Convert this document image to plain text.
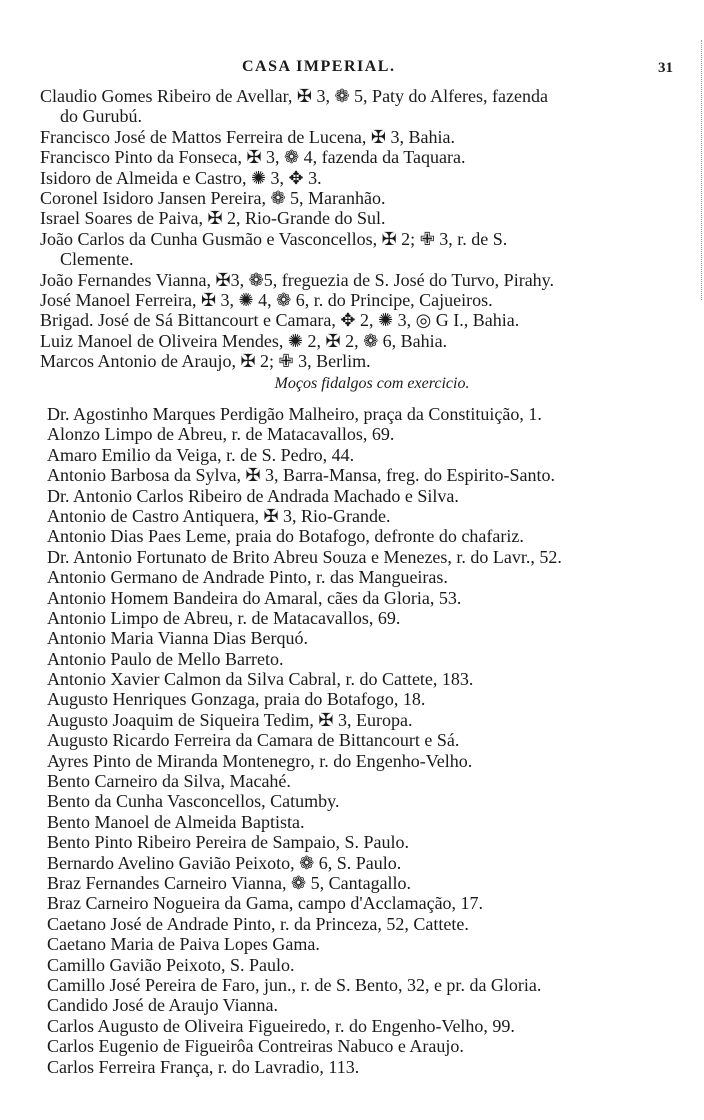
CASA IMPERIAL.	31
Claudio Gomes Ribeiro de Avellar, ✠ 3, ❁ 5, Paty do Alferes, fazenda
do Gurubú.
Francisco José de Mattos Ferreira de Lucena, ✠ 3, Bahia.
Francisco Pinto da Fonseca, ✠ 3, ❁ 4, fazenda da Taquara.
Isidoro de Almeida e Castro, ✺ 3, ✥ 3.
Coronel Isidoro Jansen Pereira, ❁ 5, Maranhão.
Israel Soares de Paiva, ✠ 2, Rio-Grande do Sul.
João Carlos da Cunha Gusmão e Vasconcellos, ✠ 2; ✙ 3, r. de S.
Clemente.
João Fernandes Vianna, ✠3, ❁5, freguezia de S. José do Turvo, Pirahy.
José Manoel Ferreira, ✠ 3, ✺ 4, ❁ 6, r. do Principe, Cajueiros.
Brigad. José de Sá Bittancourt e Camara, ✥ 2, ✺ 3, ◎ G I., Bahia.
Luiz Manoel de Oliveira Mendes, ✺ 2, ✠ 2, ❁ 6, Bahia.
Marcos Antonio de Araujo, ✠ 2; ✙ 3, Berlim.
Moços fidalgos com exercicio.
Dr. Agostinho Marques Perdigão Malheiro, praça da Constituição, 1.
Alonzo Limpo de Abreu, r. de Matacavallos, 69.
Amaro Emilio da Veiga, r. de S. Pedro, 44.
Antonio Barbosa da Sylva, ✠ 3, Barra-Mansa, freg. do Espirito-Santo.
Dr. Antonio Carlos Ribeiro de Andrada Machado e Silva.
Antonio de Castro Antiquera, ✠ 3, Rio-Grande.
Antonio Dias Paes Leme, praia do Botafogo, defronte do chafariz.
Dr. Antonio Fortunato de Brito Abreu Souza e Menezes, r. do Lavr., 52.
Antonio Germano de Andrade Pinto, r. das Mangueiras.
Antonio Homem Bandeira do Amaral, cães da Gloria, 53.
Antonio Limpo de Abreu, r. de Matacavallos, 69.
Antonio Maria Vianna Dias Berquó.
Antonio Paulo de Mello Barreto.
Antonio Xavier Calmon da Silva Cabral, r. do Cattete, 183.
Augusto Henriques Gonzaga, praia do Botafogo, 18.
Augusto Joaquim de Siqueira Tedim, ✠ 3, Europa.
Augusto Ricardo Ferreira da Camara de Bittancourt e Sá.
Ayres Pinto de Miranda Montenegro, r. do Engenho-Velho.
Bento Carneiro da Silva, Macahé.
Bento da Cunha Vasconcellos, Catumby.
Bento Manoel de Almeida Baptista.
Bento Pinto Ribeiro Pereira de Sampaio, S. Paulo.
Bernardo Avelino Gavião Peixoto, ❁ 6, S. Paulo.
Braz Fernandes Carneiro Vianna, ❁ 5, Cantagallo.
Braz Carneiro Nogueira da Gama, campo d'Acclamação, 17.
Caetano José de Andrade Pinto, r. da Princeza, 52, Cattete.
Caetano Maria de Paiva Lopes Gama.
Camillo Gavião Peixoto, S. Paulo.
Camillo José Pereira de Faro, jun., r. de S. Bento, 32, e pr. da Gloria.
Candido José de Araujo Vianna.
Carlos Augusto de Oliveira Figueiredo, r. do Engenho-Velho, 99.
Carlos Eugenio de Figueirôa Contreiras Nabuco e Araujo.
Carlos Ferreira França, r. do Lavradio, 113.
